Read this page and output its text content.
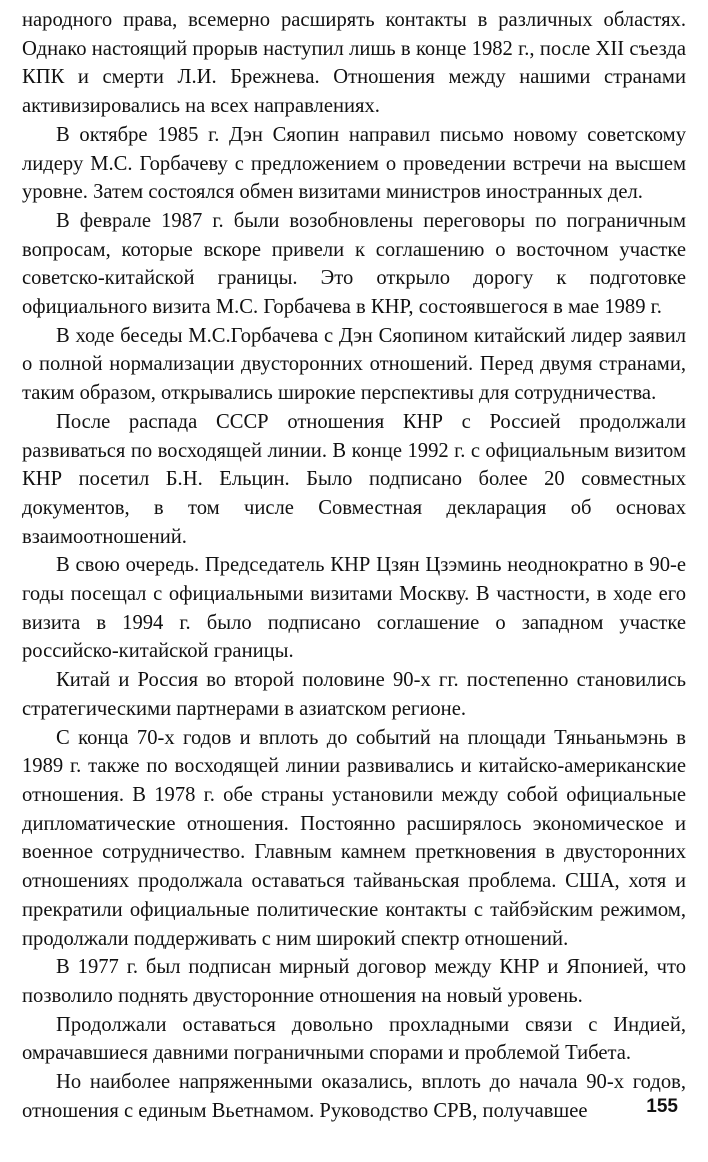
народного права, всемерно расширять контакты в различных областях. Однако настоящий прорыв наступил лишь в конце 1982 г., после XII съезда КПК и смерти Л.И. Брежнева. Отношения между нашими странами активизировались на всех направлениях.

В октябре 1985 г. Дэн Сяопин направил письмо новому советскому лидеру М.С. Горбачеву с предложением о проведении встречи на высшем уровне. Затем состоялся обмен визитами министров иностранных дел.

В феврале 1987 г. были возобновлены переговоры по пограничным вопросам, которые вскоре привели к соглашению о восточном участке советско-китайской границы. Это открыло дорогу к подготовке официального визита М.С. Горбачева в КНР, состоявшегося в мае 1989 г.

В ходе беседы М.С.Горбачева с Дэн Сяопином китайский лидер заявил о полной нормализации двусторонних отношений. Перед двумя странами, таким образом, открывались широкие перспективы для сотрудничества.

После распада СССР отношения КНР с Россией продолжали развиваться по восходящей линии. В конце 1992 г. с официальным визитом КНР посетил Б.Н. Ельцин. Было подписано более 20 совместных документов, в том числе Совместная декларация об основах взаимоотношений.

В свою очередь. Председатель КНР Цзян Цзэминь неоднократно в 90-е годы посещал с официальными визитами Москву. В частности, в ходе его визита в 1994 г. было подписано соглашение о западном участке российско-китайской границы.

Китай и Россия во второй половине 90-х гг. постепенно становились стратегическими партнерами в азиатском регионе.

С конца 70-х годов и вплоть до событий на площади Тяньаньмэнь в 1989 г. также по восходящей линии развивались и китайско-американские отношения. В 1978 г. обе страны установили между собой официальные дипломатические отношения. Постоянно расширялось экономическое и военное сотрудничество. Главным камнем преткновения в двусторонних отношениях продолжала оставаться тайваньская проблема. США, хотя и прекратили официальные политические контакты с тайбэйским режимом, продолжали поддерживать с ним широкий спектр отношений.

В 1977 г. был подписан мирный договор между КНР и Японией, что позволило поднять двусторонние отношения на новый уровень.

Продолжали оставаться довольно прохладными связи с Индией, омрачавшиеся давними пограничными спорами и проблемой Тибета.

Но наиболее напряженными оказались, вплоть до начала 90-х годов, отношения с единым Вьетнамом. Руководство СРВ, получавшее	155
